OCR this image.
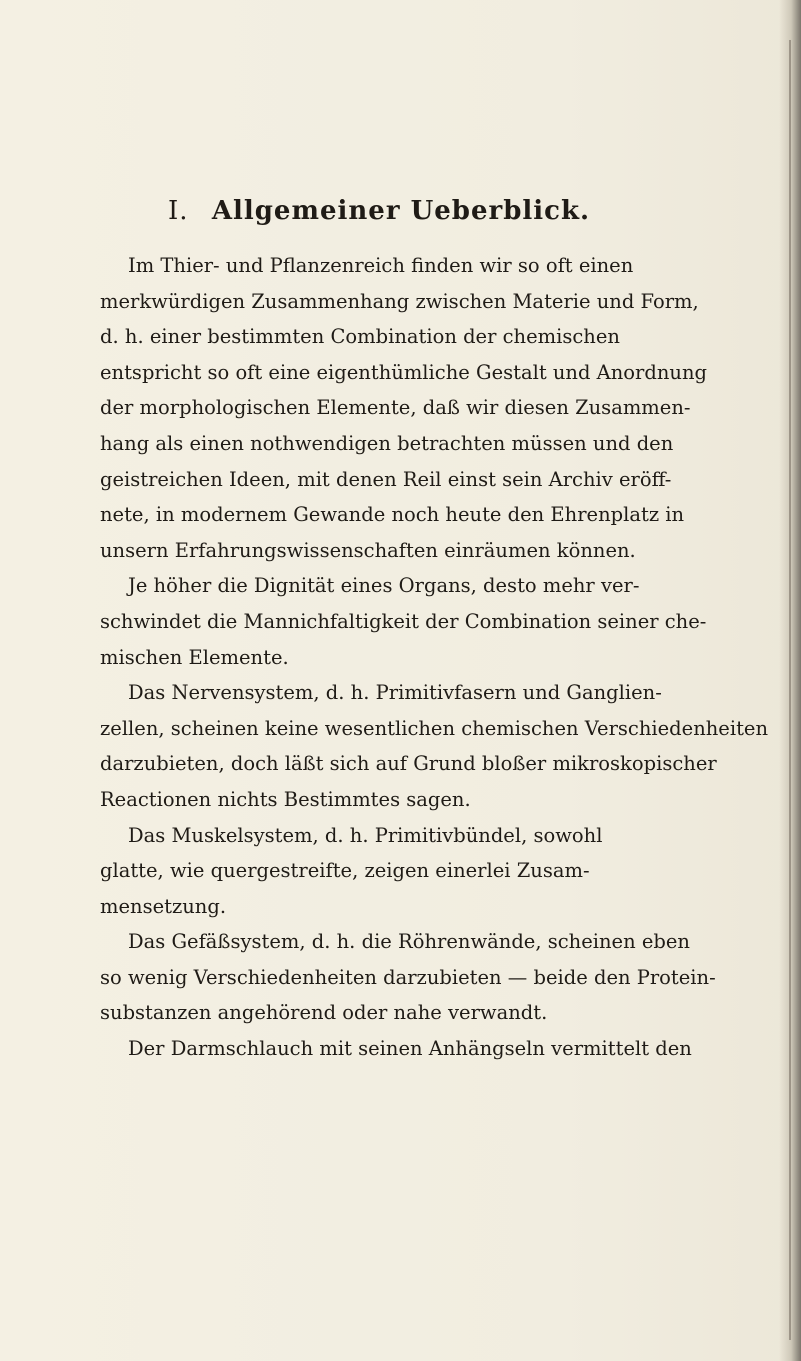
I. Allgemeiner Ueberblick.
Im Thier- und Pflanzenreich finden wir so oft einen
merkwürdigen Zusammenhang zwischen Materie und Form,
d. h. einer bestimmten Combination der chemischen
entspricht so oft eine eigenthümliche Gestalt und Anordnung
der morphologischen Elemente, daß wir diesen Zusammen-
hang als einen nothwendigen betrachten müssen und den
geistreichen Ideen, mit denen Reil einst sein Archiv eröff-
nete, in modernem Gewande noch heute den Ehrenplatz in
unsern Erfahrungswissenschaften einräumen können.
Je höher die Dignität eines Organs, desto mehr ver-
schwindet die Mannichfaltigkeit der Combination seiner che-
mischen Elemente.
Das Nervensystem, d. h. Primitivfasern und Ganglien-
zellen, scheinen keine wesentlichen chemischen Verschiedenheiten
darzubieten, doch läßt sich auf Grund bloßer mikroskopischer
Reactionen nichts Bestimmtes sagen.
Das Muskelsystem, d. h. Primitivbündel, sowohl
glatte, wie quergestreifte, zeigen einerlei Zusam-
mensetzung.
Das Gefäßsystem, d. h. die Röhrenwände, scheinen eben
so wenig Verschiedenheiten darzubieten — beide den Protein-
substanzen angehörend oder nahe verwandt.
Der Darmschlauch mit seinen Anhängseln vermittelt den
